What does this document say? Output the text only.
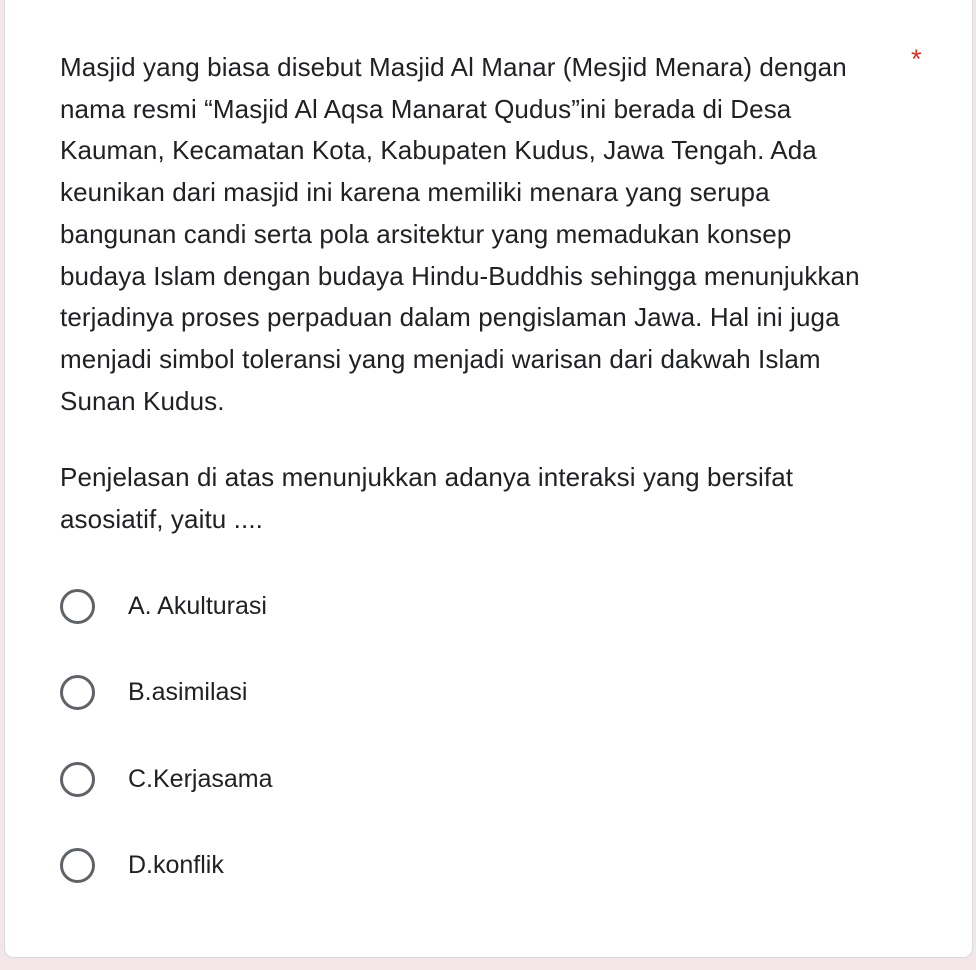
Masjid yang biasa disebut Masjid Al Manar (Mesjid Menara) dengan nama resmi “Masjid Al Aqsa Manarat Qudus”ini berada di Desa Kauman, Kecamatan Kota, Kabupaten Kudus, Jawa Tengah. Ada keunikan dari masjid ini karena memiliki menara yang serupa bangunan candi serta pola arsitektur yang memadukan konsep budaya Islam dengan budaya Hindu-Buddhis sehingga menunjukkan terjadinya proses perpaduan dalam pengislaman Jawa. Hal ini juga menjadi simbol toleransi yang menjadi warisan dari dakwah Islam Sunan Kudus.

Penjelasan di atas menunjukkan adanya interaksi yang bersifat asosiatif, yaitu ....

*
A. Akulturasi
B.asimilasi
C.Kerjasama
D.konflik
